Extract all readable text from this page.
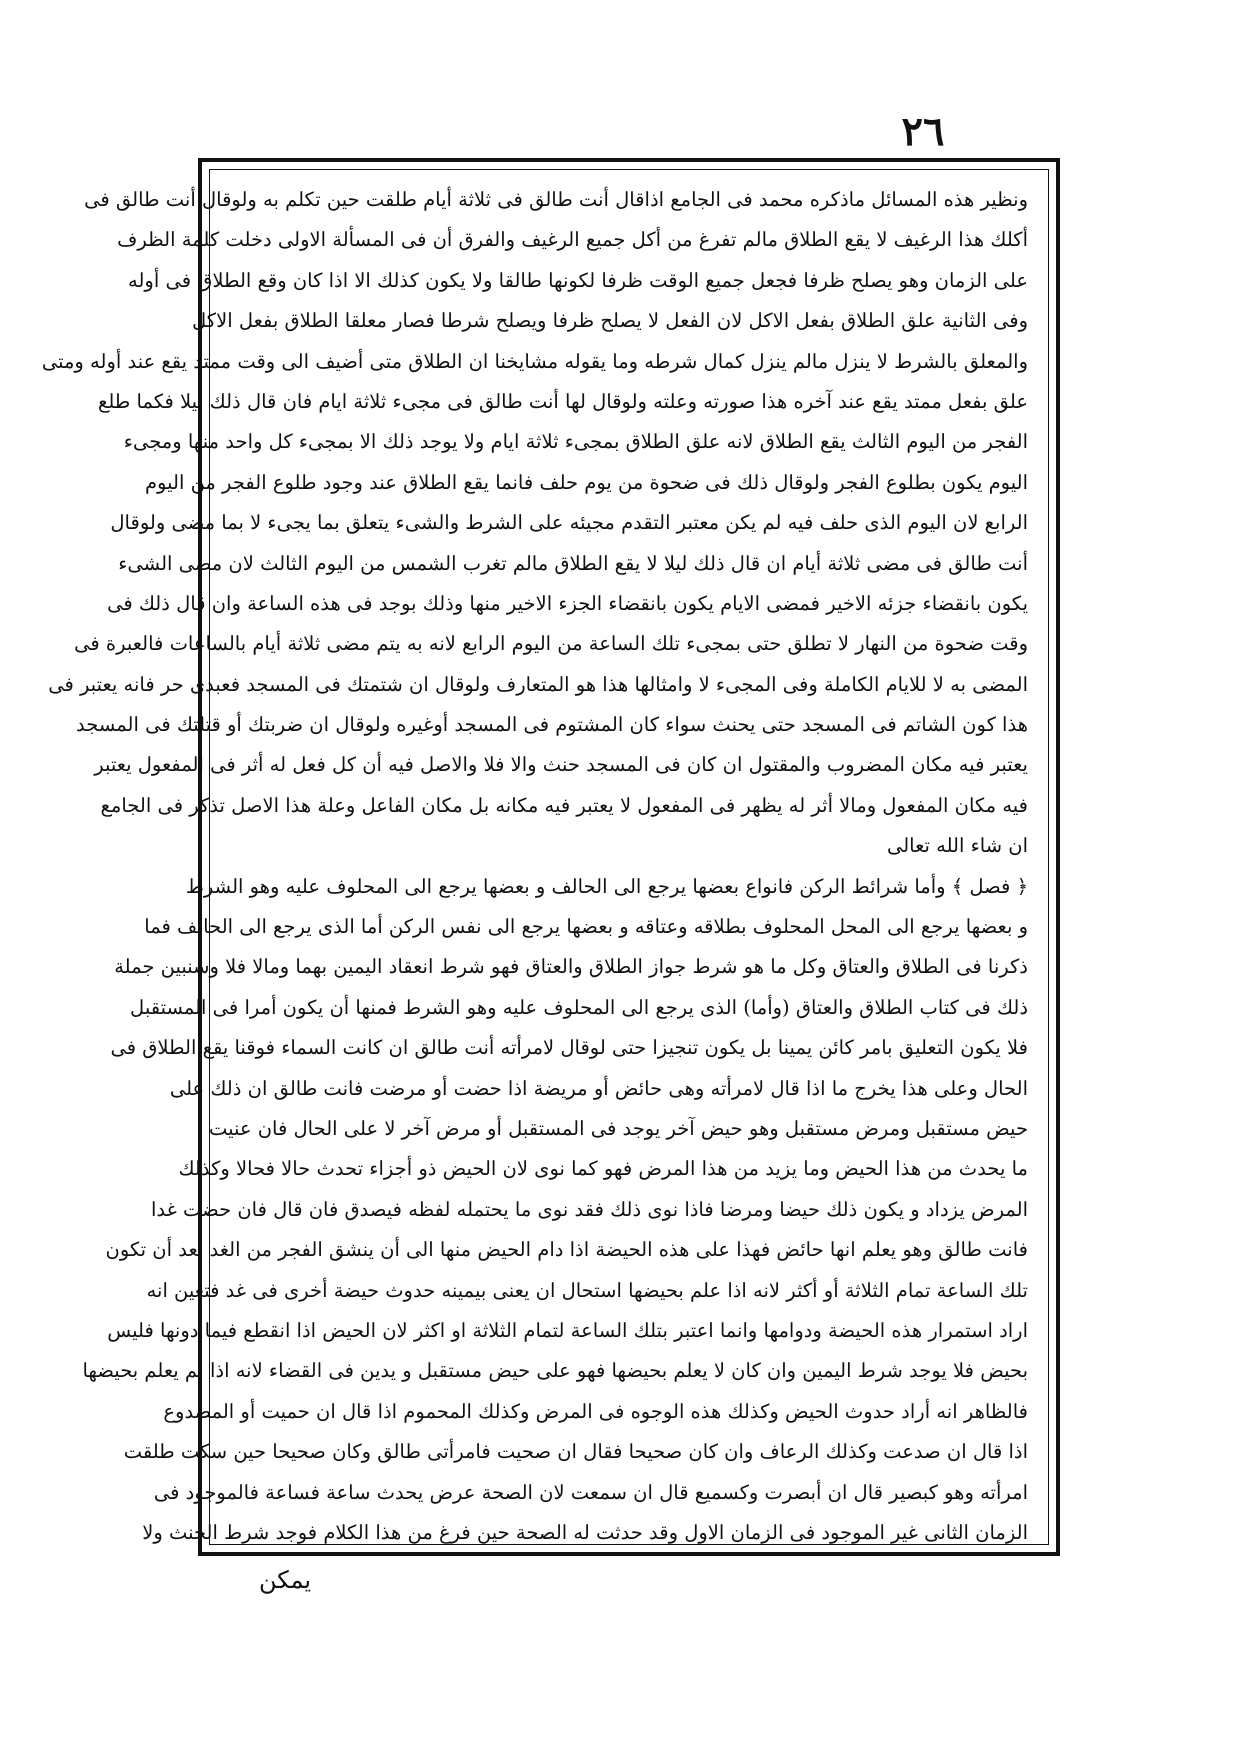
٢٦
ونظير هذه المسائل ماذكره محمد فى الجامع اذاقال أنت طالق فى ثلاثة أيام طلقت حين تكلم به ولوقال أنت طالق فى
أكلك هذا الرغيف لا يقع الطلاق مالم تفرغ من أكل جميع الرغيف والفرق أن فى المسألة الاولى دخلت كلمة الظرف
على الزمان وهو يصلح ظرفا فجعل جميع الوقت ظرفا لكونها طالقا ولا يكون كذلك الا اذا كان وقع الطلاق فى أوله
وفى الثانية علق الطلاق بفعل الاكل لان الفعل لا يصلح ظرفا ويصلح شرطا فصار معلقا الطلاق بفعل الاكل
والمعلق بالشرط لا ينزل مالم ينزل كمال شرطه وما يقوله مشايخنا ان الطلاق متى أضيف الى وقت ممتد يقع عند أوله ومتى
علق بفعل ممتد يقع عند آخره هذا صورته وعلته ولوقال لها أنت طالق فى مجىء ثلاثة ايام فان قال ذلك ليلا فكما طلع
الفجر من اليوم الثالث يقع الطلاق لانه علق الطلاق بمجىء ثلاثة ايام ولا يوجد ذلك الا بمجىء كل واحد منها ومجىء
اليوم يكون بطلوع الفجر ولوقال ذلك فى ضحوة من يوم حلف فانما يقع الطلاق عند وجود طلوع الفجر من اليوم
الرابع لان اليوم الذى حلف فيه لم يكن معتبر التقدم مجيئه على الشرط والشىء يتعلق بما يجىء لا بما مضى ولوقال
أنت طالق فى مضى ثلاثة أيام ان قال ذلك ليلا لا يقع الطلاق مالم تغرب الشمس من اليوم الثالث لان مضى الشىء
يكون بانقضاء جزئه الاخير فمضى الايام يكون بانقضاء الجزء الاخير منها وذلك بوجد فى هذه الساعة وان قال ذلك فى
وقت ضحوة من النهار لا تطلق حتى بمجىء تلك الساعة من اليوم الرابع لانه به يتم مضى ثلاثة أيام بالساعات فالعبرة فى
المضى به لا للايام الكاملة وفى المجىء لا وامثالها هذا هو المتعارف ولوقال ان شتمتك فى المسجد فعبدى حر فانه يعتبر فى
هذا كون الشاتم فى المسجد حتى يحنث سواء كان المشتوم فى المسجد أوغيره ولوقال ان ضربتك أو قتلتك فى المسجد
يعتبر فيه مكان المضروب والمقتول ان كان فى المسجد حنث والا فلا والاصل فيه أن كل فعل له أثر فى المفعول يعتبر
فيه مكان المفعول ومالا أثر له يظهر فى المفعول لا يعتبر فيه مكانه بل مكان الفاعل وعلة هذا الاصل تذكر فى الجامع
ان شاء الله تعالى
﴿ فصل ﴾ وأما شرائط الركن فانواع بعضها يرجع الى الحالف و بعضها يرجع الى المحلوف عليه وهو الشرط
و بعضها يرجع الى المحل المحلوف بطلاقه وعتاقه و بعضها يرجع الى نفس الركن أما الذى يرجع الى الحالف فما
ذكرنا فى الطلاق والعتاق وكل ما هو شرط جواز الطلاق والعتاق فهو شرط انعقاد اليمين بهما ومالا فلا وسنبين جملة
ذلك فى كتاب الطلاق والعتاق (وأما) الذى يرجع الى المحلوف عليه وهو الشرط فمنها أن يكون أمرا فى المستقبل
فلا يكون التعليق بامر كائن يمينا بل يكون تنجيزا حتى لوقال لامرأته أنت طالق ان كانت السماء فوقنا يقع الطلاق فى
الحال وعلى هذا يخرج ما اذا قال لامرأته وهى حائض أو مريضة اذا حضت أو مرضت فانت طالق ان ذلك على
حيض مستقبل ومرض مستقبل وهو حيض آخر يوجد فى المستقبل أو مرض آخر لا على الحال فان عنيت
ما يحدث من هذا الحيض وما يزيد من هذا المرض فهو كما نوى لان الحيض ذو أجزاء تحدث حالا فحالا وكذلك
المرض يزداد و يكون ذلك حيضا ومرضا فاذا نوى ذلك فقد نوى ما يحتمله لفظه فيصدق فان قال فان حضت غدا
فانت طالق وهو يعلم انها حائض فهذا على هذه الحيضة اذا دام الحيض منها الى أن ينشق الفجر من الغد بعد أن تكون
تلك الساعة تمام الثلاثة أو أكثر لانه اذا علم بحيضها استحال ان يعنى بيمينه حدوث حيضة أخرى فى غد فتعين انه
اراد استمرار هذه الحيضة ودوامها وانما اعتبر بتلك الساعة لتمام الثلاثة او اكثر لان الحيض اذا انقطع فيما دونها فليس
بحيض فلا يوجد شرط اليمين وان كان لا يعلم بحيضها فهو على حيض مستقبل و يدين فى القضاء لانه اذا لم يعلم بحيضها
فالظاهر انه أراد حدوث الحيض وكذلك هذه الوجوه فى المرض وكذلك المحموم اذا قال ان حميت أو المصدوع
اذا قال ان صدعت وكذلك الرعاف وان كان صحيحا فقال ان صحيت فامرأتى طالق وكان صحيحا حين سكت طلقت
امرأته وهو كبصير قال ان أبصرت وكسميع قال ان سمعت لان الصحة عرض يحدث ساعة فساعة فالموجود فى
الزمان الثانى غير الموجود فى الزمان الاول وقد حدثت له الصحة حين فرغ من هذا الكلام فوجد شرط الحنث ولا
يمكن
